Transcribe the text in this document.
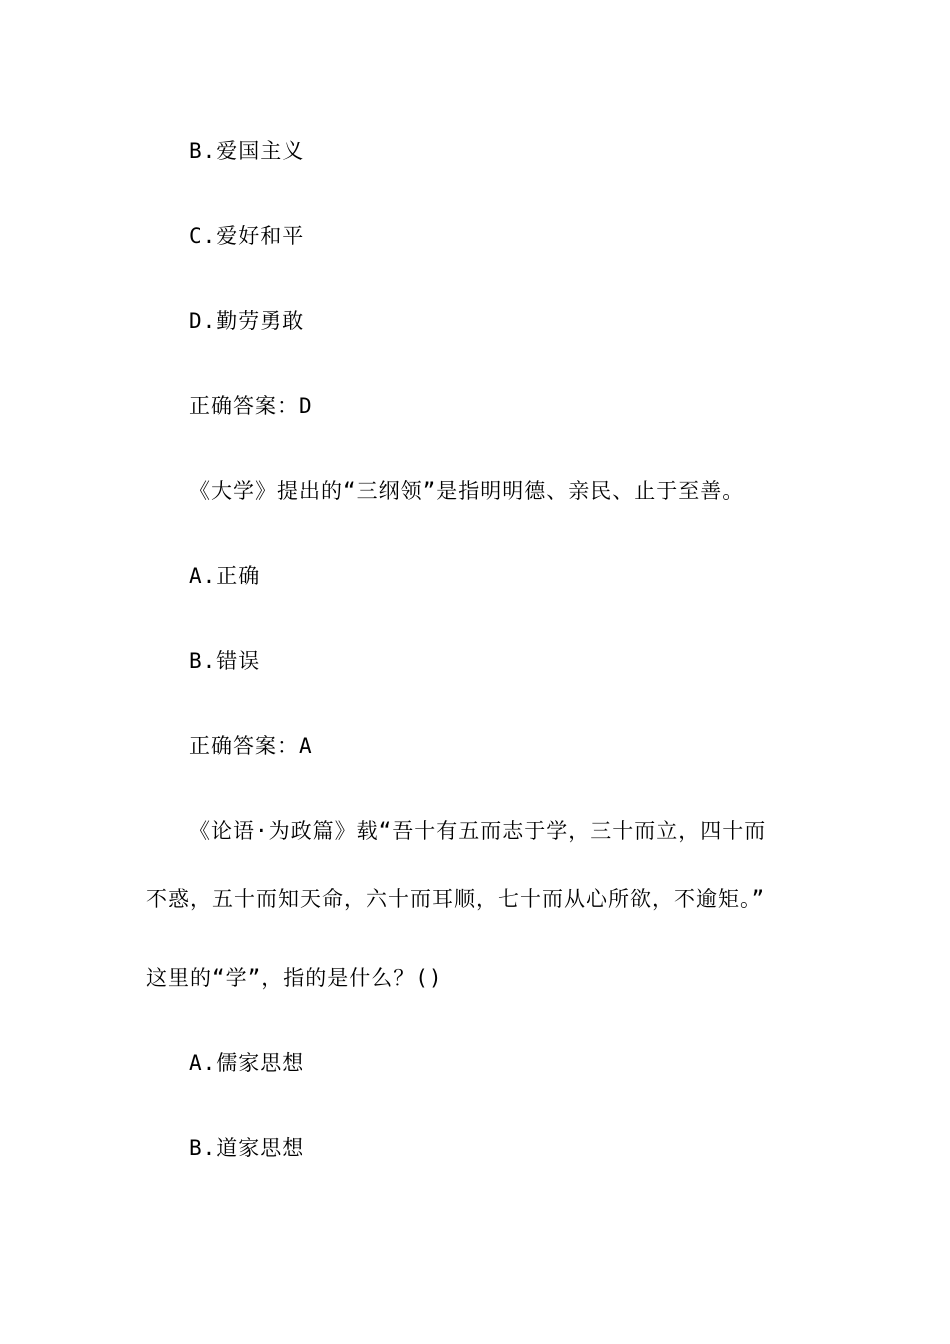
B.爱国主义
C.爱好和平
D.勤劳勇敢
正确答案：D
《大学》提出的“三纲领”是指明明德、亲民、止于至善。
A.正确
B.错误
正确答案：A
《论语·为政篇》载“吾十有五而志于学，三十而立，四十而
不惑，五十而知天命，六十而耳顺，七十而从心所欲，不逾矩。”
这里的“学”，指的是什么？()
A.儒家思想
B.道家思想
